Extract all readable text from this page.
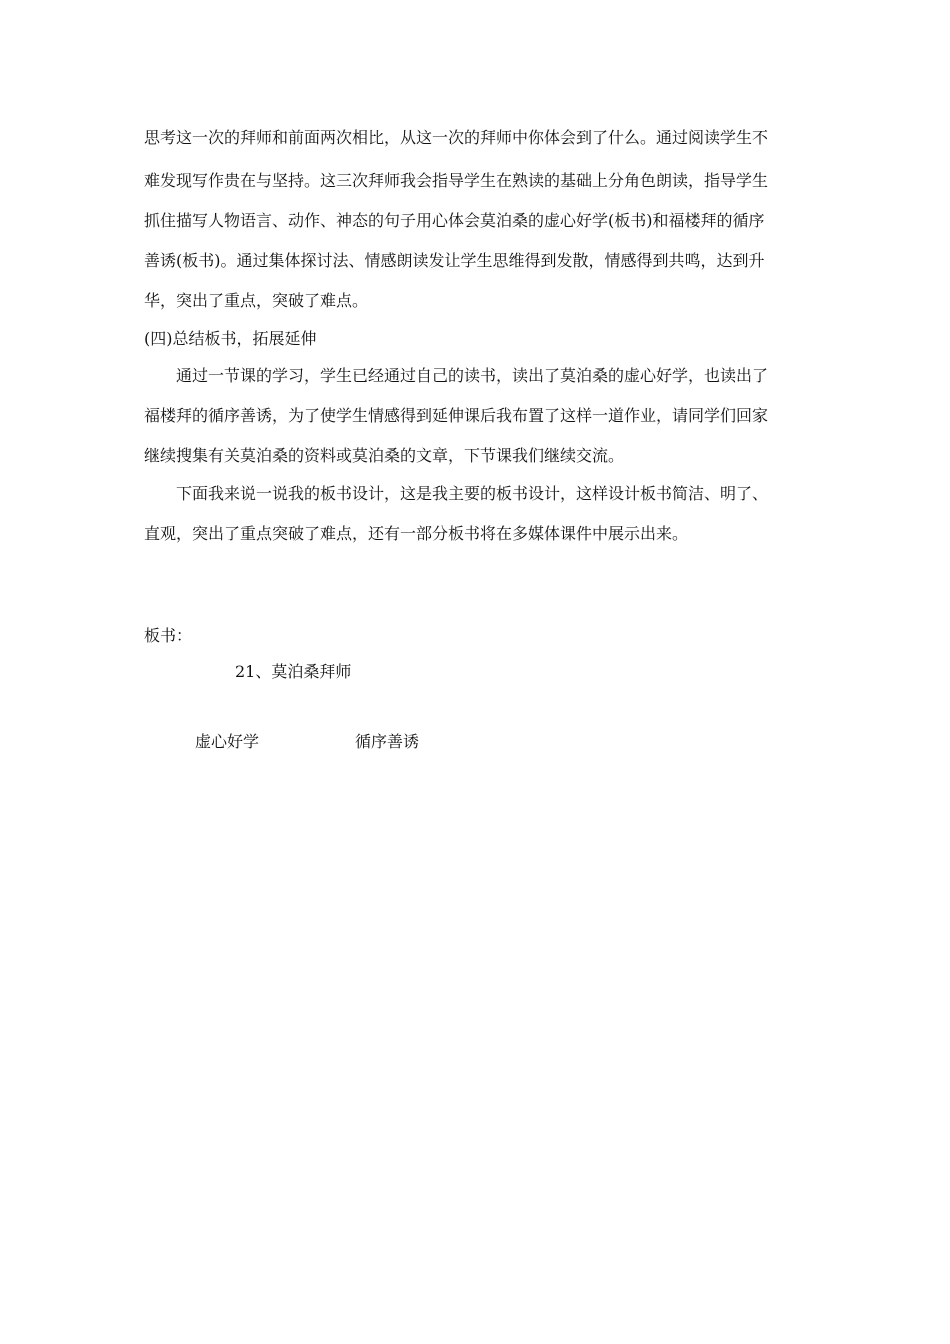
思考这一次的拜师和前面两次相比，从这一次的拜师中你体会到了什么。通过阅读学生不
难发现写作贵在与坚持。这三次拜师我会指导学生在熟读的基础上分角色朗读，指导学生
抓住描写人物语言、动作、神态的句子用心体会莫泊桑的虚心好学(板书)和福楼拜的循序
善诱(板书)。通过集体探讨法、情感朗读发让学生思维得到发散，情感得到共鸣，达到升
华，突出了重点，突破了难点。
(四)总结板书，拓展延伸
通过一节课的学习，学生已经通过自己的读书，读出了莫泊桑的虚心好学，也读出了
福楼拜的循序善诱，为了使学生情感得到延伸课后我布置了这样一道作业，请同学们回家
继续搜集有关莫泊桑的资料或莫泊桑的文章，下节课我们继续交流。
下面我来说一说我的板书设计，这是我主要的板书设计，这样设计板书简洁、明了、
直观，突出了重点突破了难点，还有一部分板书将在多媒体课件中展示出来。
板书：
21、莫泊桑拜师
虚心好学	循序善诱
